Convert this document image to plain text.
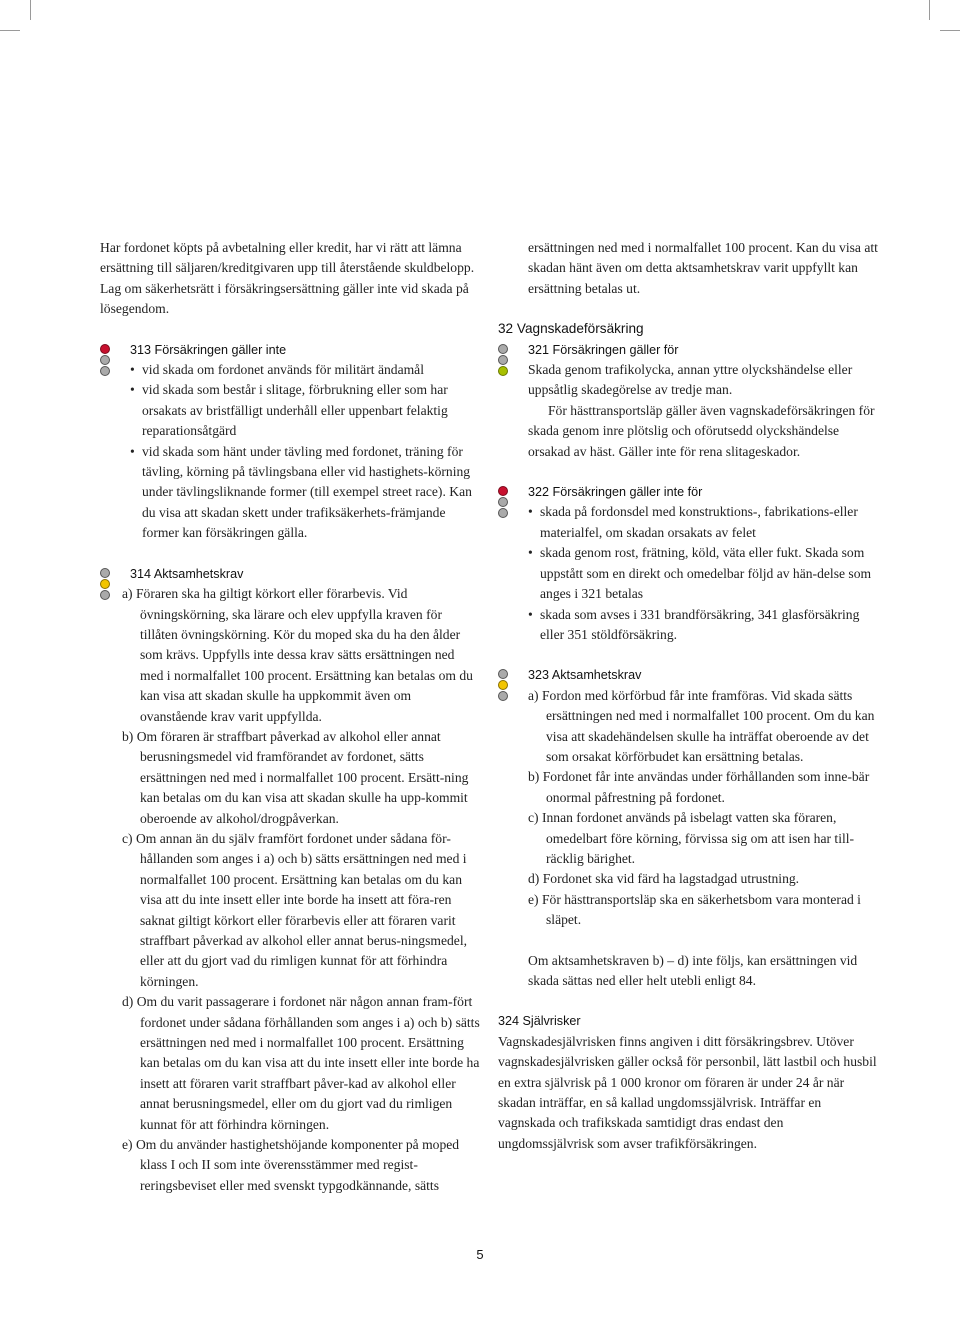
Har fordonet köpts på avbetalning eller kredit, har vi rätt att lämna ersättning till säljaren/kreditgivaren upp till återstående skuldbelopp. Lag om säkerhetsrätt i försäkringsersättning gäller inte vid skada på lösegendom.

313 Försäkringen gäller inte

• vid skada om fordonet används för militärt ändamål

• vid skada som består i slitage, förbrukning eller som har orsakats av bristfälligt underhåll eller uppenbart felaktig reparationsåtgärd

• vid skada som hänt under tävling med fordonet, träning för tävling, körning på tävlingsbana eller vid hastighets-körning under tävlingsliknande former (till exempel street race). Kan du visa att skadan skett under trafiksäkerhets-främjande former kan försäkringen gälla.

314 Aktsamhetskrav

a) Föraren ska ha giltigt körkort eller förarbevis. Vid övningskörning, ska lärare och elev uppfylla kraven för tillåten övningskörning. Kör du moped ska du ha den ålder som krävs. Uppfylls inte dessa krav sätts ersättningen ned med i normalfallet 100 procent. Ersättning kan betalas om du kan visa att skadan skulle ha uppkommit även om ovanstående krav varit uppfyllda.

b) Om föraren är straffbart påverkad av alkohol eller annat berusningsmedel vid framförandet av fordonet, sätts ersättningen ned med i normalfallet 100 procent. Ersätt-ning kan betalas om du kan visa att skadan skulle ha upp-kommit oberoende av alkohol/drogpåverkan.

c) Om annan än du själv framfört fordonet under sådana för-hållanden som anges i a) och b) sätts ersättningen ned med i normalfallet 100 procent. Ersättning kan betalas om du kan visa att du inte insett eller inte borde ha insett att föra-ren saknat giltigt körkort eller förarbevis eller att föraren varit straffbart påverkad av alkohol eller annat berus-ningsmedel, eller att du gjort vad du rimligen kunnat för att förhindra körningen.

d) Om du varit passagerare i fordonet när någon annan fram-fört fordonet under sådana förhållanden som anges i a) och b) sätts ersättningen ned med i normalfallet 100 procent. Ersättning kan betalas om du kan visa att du inte insett eller inte borde ha insett att föraren varit straffbart påver-kad av alkohol eller annat berusningsmedel, eller om du gjort vad du rimligen kunnat för att förhindra körningen.

e) Om du använder hastighetshöjande komponenter på moped klass I och II som inte överensstämmer med regist-reringsbeviset eller med svenskt typgodkännande, sätts

ersättningen ned med i normalfallet 100 procent. Kan du visa att skadan hänt även om detta aktsamhetskrav varit uppfyllt kan ersättning betalas ut.

32 Vagnskadeförsäkring

321 Försäkringen gäller för

Skada genom trafikolycka, annan yttre olyckshändelse eller uppsåtlig skadegörelse av tredje man.

För hästtransportsläp gäller även vagnskadeförsäkringen för skada genom inre plötslig och oförutsedd olyckshändelse orsakad av häst. Gäller inte för rena slitageskador.

322 Försäkringen gäller inte för

• skada på fordonsdel med konstruktions-, fabrikations-eller materialfel, om skadan orsakats av felet

• skada genom rost, frätning, köld, väta eller fukt. Skada som uppstått som en direkt och omedelbar följd av hän-delse som anges i 321 betalas

• skada som avses i 331 brandförsäkring, 341 glasförsäkring eller 351 stöldförsäkring.

323 Aktsamhetskrav

a) Fordon med körförbud får inte framföras. Vid skada sätts ersättningen ned med i normalfallet 100 procent. Om du kan visa att skadehändelsen skulle ha inträffat oberoende av det som orsakat körförbudet kan ersättning betalas.

b) Fordonet får inte användas under förhållanden som inne-bär onormal påfrestning på fordonet.

c) Innan fordonet används på isbelagt vatten ska föraren, omedelbart före körning, förvissa sig om att isen har till-räcklig bärighet.

d) Fordonet ska vid färd ha lagstadgad utrustning.

e) För hästtransportsläp ska en säkerhetsbom vara monterad i släpet.

Om aktsamhetskraven b) – d) inte följs, kan ersättningen vid skada sättas ned eller helt utebli enligt 84.

324 Självrisker

Vagnskadesjälvrisken finns angiven i ditt försäkringsbrev. Utöver vagnskadesjälvrisken gäller också för personbil, lätt lastbil och husbil en extra självrisk på 1 000 kronor om föraren är under 24 år när skadan inträffar, en så kallad ungdomssjälvrisk. Inträffar en vagnskada och trafikskada samtidigt dras endast den ungdomssjälvrisk som avser trafikförsäkringen.

5
